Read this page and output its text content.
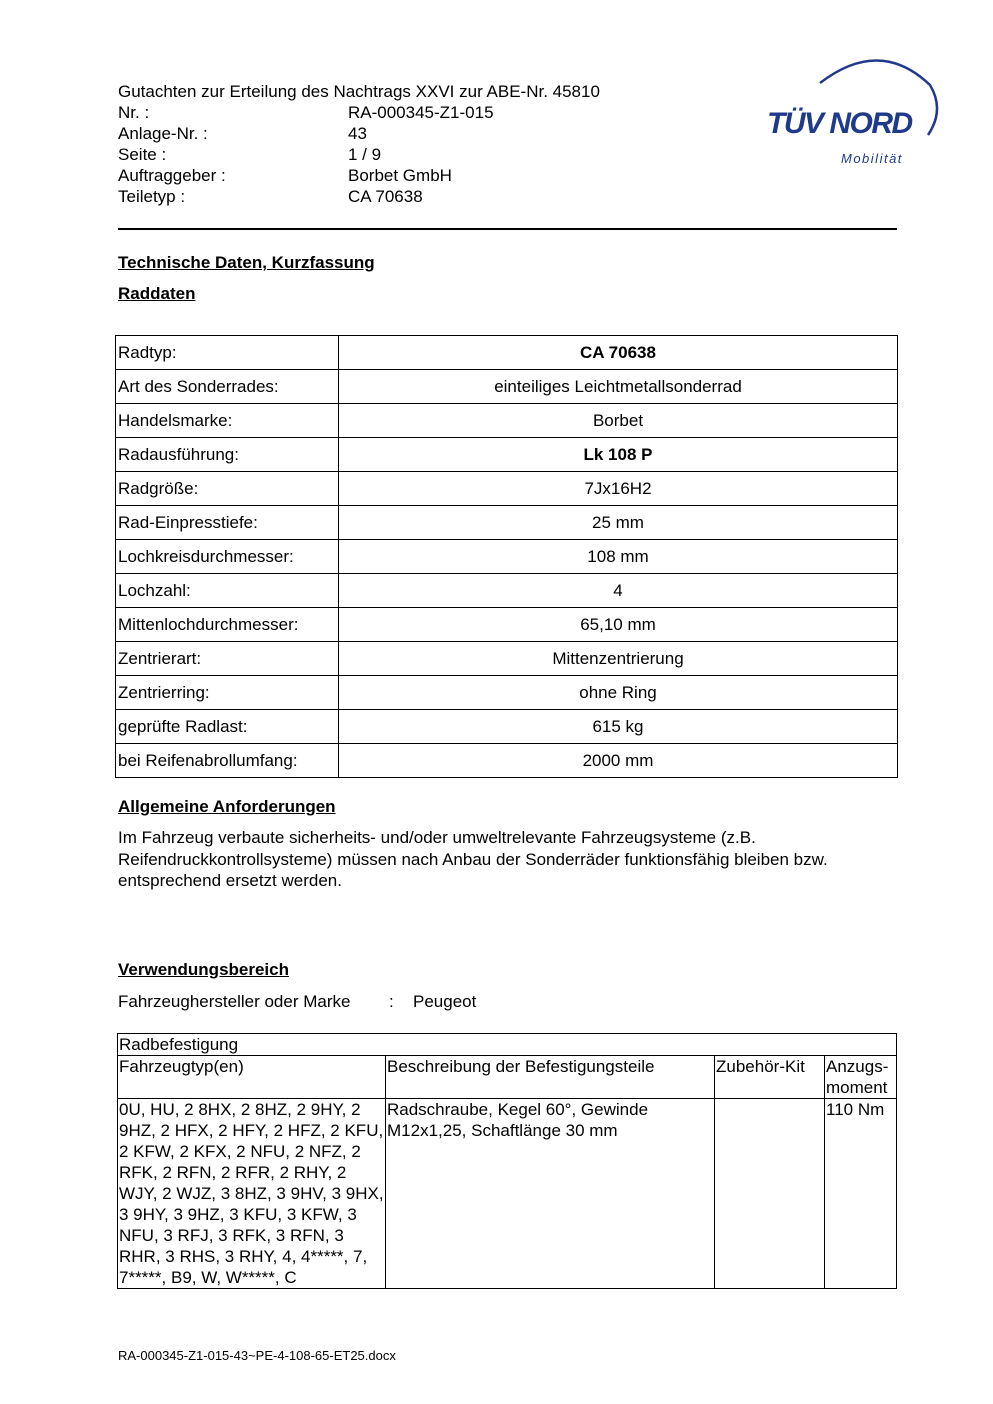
Gutachten zur Erteilung des Nachtrags XXVI zur ABE-Nr. 45810
Nr. :	RA-000345-Z1-015
Anlage-Nr. :	43
Seite :	1 / 9
Auftraggeber :	Borbet GmbH
Teiletyp :	CA 70638
TÜV NORD
Mobilität
Technische Daten, Kurzfassung
Raddaten
Radtyp:	CA 70638
Art des Sonderrades:	einteiliges Leichtmetallsonderrad
Handelsmarke:	Borbet
Radausführung:	Lk 108 P
Radgröße:	7Jx16H2
Rad-Einpresstiefe:	25 mm
Lochkreisdurchmesser:	108 mm
Lochzahl:	4
Mittenlochdurchmesser:	65,10 mm
Zentrierart:	Mittenzentrierung
Zentrierring:	ohne Ring
geprüfte Radlast:	615 kg
bei Reifenabrollumfang:	2000 mm
Allgemeine Anforderungen
Im Fahrzeug verbaute sicherheits- und/oder umweltrelevante Fahrzeugsysteme (z.B. Reifendruckkontrollsysteme) müssen nach Anbau der Sonderräder funktionsfähig bleiben bzw. entsprechend ersetzt werden.
Verwendungsbereich
Fahrzeughersteller oder Marke : Peugeot
Radbefestigung			
Fahrzeugtyp(en)	Beschreibung der Befestigungsteile	Zubehör-Kit	Anzugs-moment
0U, HU, 2 8HX, 2 8HZ, 2 9HY, 2 9HZ, 2 HFX, 2 HFY, 2 HFZ, 2 KFU, 2 KFW, 2 KFX, 2 NFU, 2 NFZ, 2 RFK, 2 RFN, 2 RFR, 2 RHY, 2 WJY, 2 WJZ, 3 8HZ, 3 9HV, 3 9HX, 3 9HY, 3 9HZ, 3 KFU, 3 KFW, 3 NFU, 3 RFJ, 3 RFK, 3 RFN, 3 RHR, 3 RHS, 3 RHY, 4, 4*****, 7, 7*****, B9, W, W*****, C	Radschraube, Kegel 60°, Gewinde M12x1,25, Schaftlänge 30 mm		110 Nm
RA-000345-Z1-015-43~PE-4-108-65-ET25.docx
